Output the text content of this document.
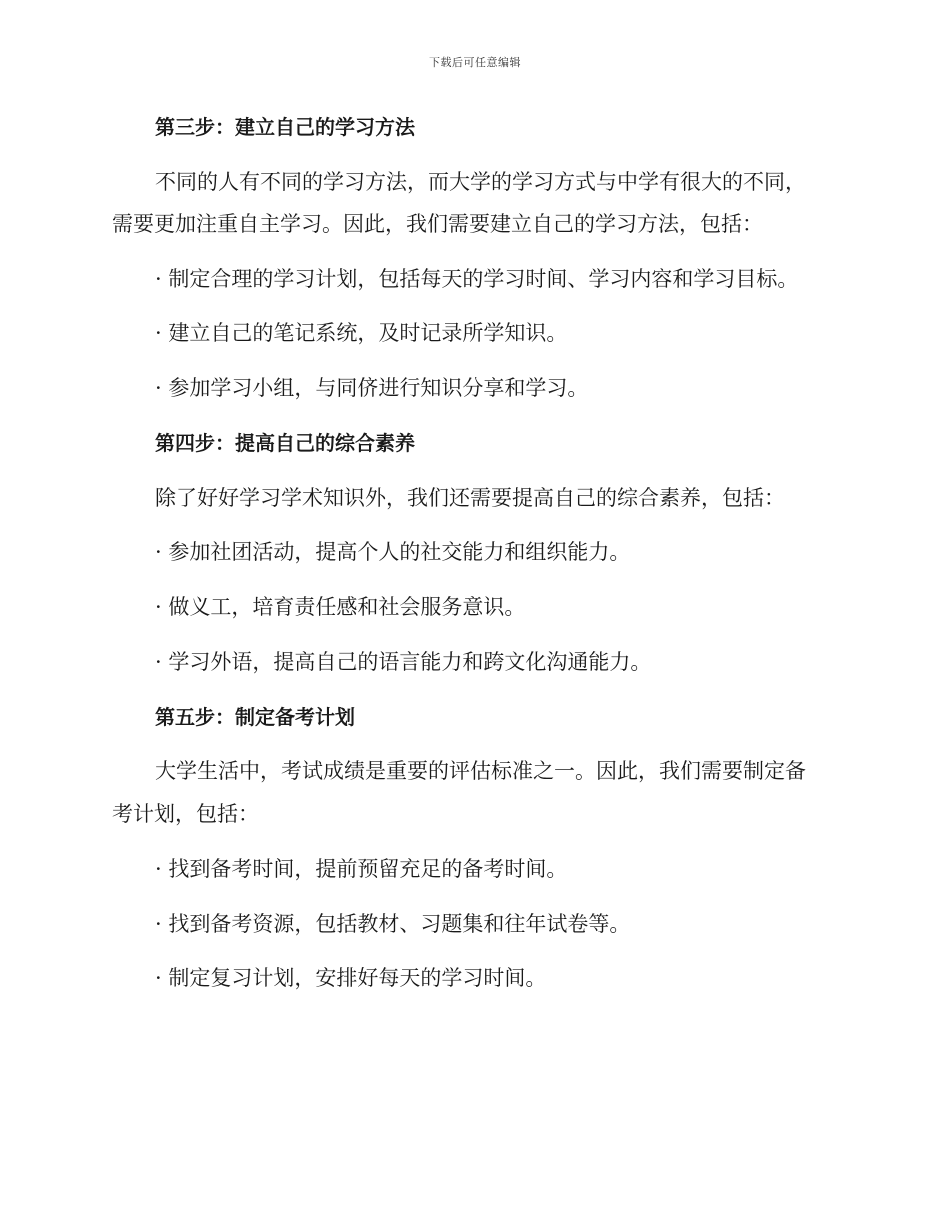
下载后可任意编辑
第三步：建立自己的学习方法
不同的人有不同的学习方法，而大学的学习方式与中学有很大的不同，
需要更加注重自主学习。因此，我们需要建立自己的学习方法，包括：
· 制定合理的学习计划，包括每天的学习时间、学习内容和学习目标。
· 建立自己的笔记系统，及时记录所学知识。
· 参加学习小组，与同侪进行知识分享和学习。
第四步：提高自己的综合素养
除了好好学习学术知识外，我们还需要提高自己的综合素养，包括：
· 参加社团活动，提高个人的社交能力和组织能力。
· 做义工，培育责任感和社会服务意识。
· 学习外语，提高自己的语言能力和跨文化沟通能力。
第五步：制定备考计划
大学生活中，考试成绩是重要的评估标准之一。因此，我们需要制定备
考计划，包括：
· 找到备考时间，提前预留充足的备考时间。
· 找到备考资源，包括教材、习题集和往年试卷等。
· 制定复习计划，安排好每天的学习时间。
